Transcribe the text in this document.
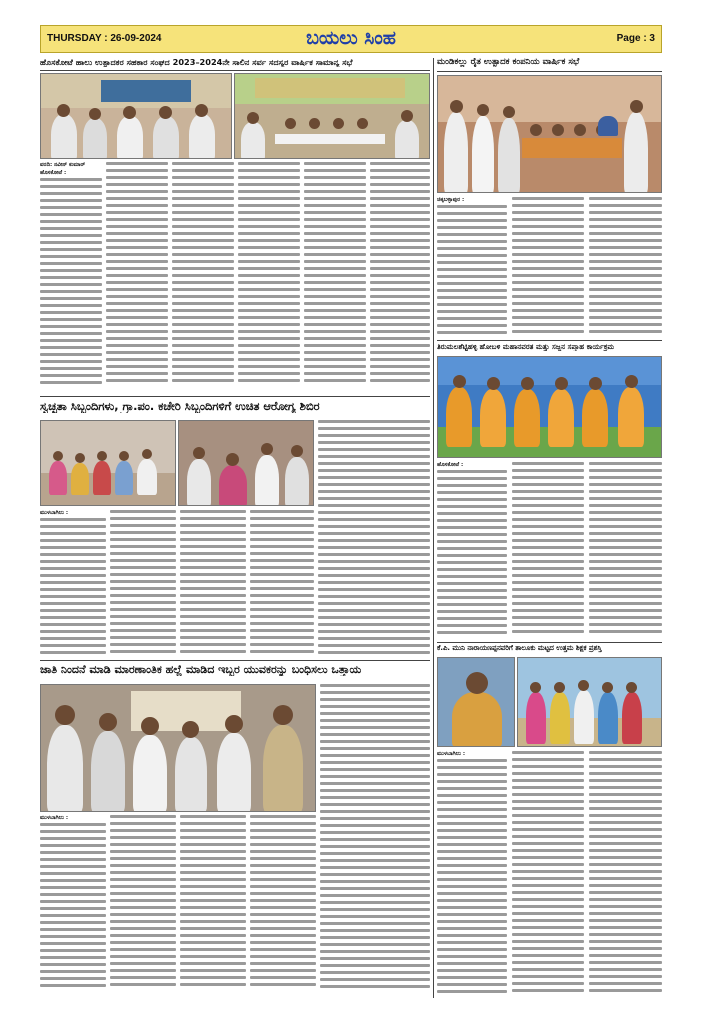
THURSDAY : 26-09-2024	ಬಯಲು ಸಿಂಹ	Page : 3
ಹೊಸಕೋಟೆ ಹಾಲು ಉತ್ಪಾದಕರ ಸಹಕಾರ ಸಂಘದ 2023–2024ನೇ ಸಾಲಿನ ಸರ್ವ ಸದಸ್ಯರ ವಾರ್ಷಿಕ ಸಾಮಾನ್ಯ ಸಭೆ
ವರದಿ: ನವೀನ್ ಕುಮಾರ್
ಹೊಸಕೋಟೆ :
ಮಂಡಿಕಲ್ಲು ರೈತ ಉತ್ಪಾದಕ ಕಂಪನಿಯ ವಾರ್ಷಿಕ ಸಭೆ
ಚಿಕ್ಕಬಳ್ಳಾಪುರ :
ತಿರುಮಲಶೆಟ್ಟಿಹಳ್ಳಿ ಹೋಬಳಿ ಮಹಾನವರತ ಮತ್ತು ಸಜ್ಜನ ಸಪ್ತಾಹ ಕಾರ್ಯಕ್ರಮ
ಹೊಸಕೋಟೆ :
ಸ್ವಚ್ಛತಾ ಸಿಬ್ಬಂದಿಗಳು, ಗ್ರಾ.ಪಂ. ಕಚೇರಿ ಸಿಬ್ಬಂದಿಗಳಿಗೆ ಉಚಿತ ಆರೋಗ್ಯ ಶಿಬಿರ
ಮುಳಬಾಗಿಲು :
ಕೆ.ಪಿ. ಮುನಿ ನಾರಾಯಣಪ್ಪನವರಿಗೆ ತಾಲೂಕು ಮಟ್ಟದ ಉತ್ತಮ ಶಿಕ್ಷಕ ಪ್ರಶಸ್ತಿ
ಮುಳಬಾಗಿಲು :
ಜಾತಿ ನಿಂದನೆ ಮಾಡಿ ಮಾರಣಾಂತಿಕ ಹಲ್ಲೆ ಮಾಡಿದ ಇಬ್ಬರ ಯುವಕರನ್ನು ಬಂಧಿಸಲು ಒತ್ತಾಯ
ಮುಳಬಾಗಿಲು :
